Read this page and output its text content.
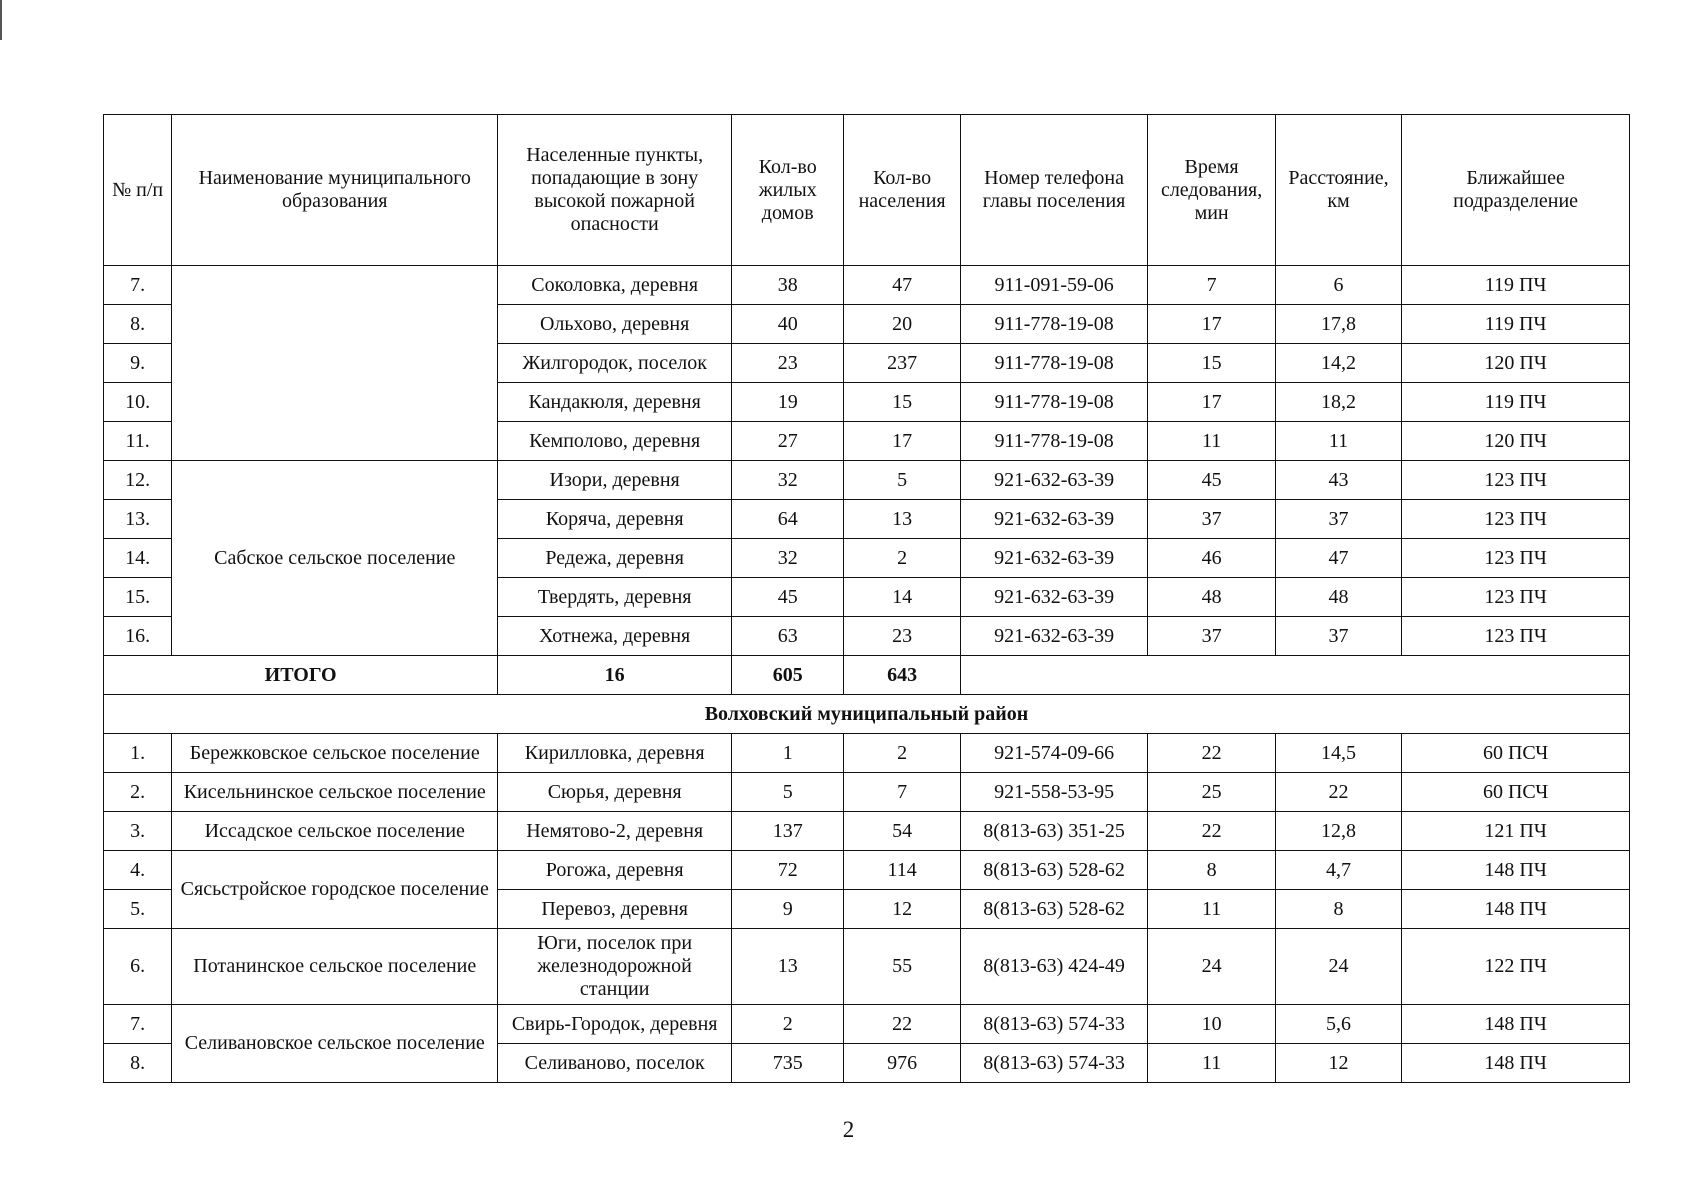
№ п/п	Наименование муниципального образования	Населенные пункты, попадающие в зону высокой пожарной опасности	Кол-во жилых домов	Кол-во населения	Номер телефона главы поселения	Время следования, мин	Расстояние, км	Ближайшее подразделение
7.		Соколовка, деревня	38	47	911-091-59-06	7	6	119 ПЧ
8.		Ольхово, деревня	40	20	911-778-19-08	17	17,8	119 ПЧ
9.		Жилгородок, поселок	23	237	911-778-19-08	15	14,2	120 ПЧ
10.		Кандакюля, деревня	19	15	911-778-19-08	17	18,2	119 ПЧ
11.		Кемполово, деревня	27	17	911-778-19-08	11	11	120 ПЧ
12.	Сабское сельское поселение	Изори, деревня	32	5	921-632-63-39	45	43	123 ПЧ
13.		Коряча, деревня	64	13	921-632-63-39	37	37	123 ПЧ
14.		Редежа, деревня	32	2	921-632-63-39	46	47	123 ПЧ
15.		Твердять, деревня	45	14	921-632-63-39	48	48	123 ПЧ
16.		Хотнежа, деревня	63	23	921-632-63-39	37	37	123 ПЧ
ИТОГО		16	605	643				
Волховский муниципальный район								
1.	Бережковское сельское поселение	Кирилловка, деревня	1	2	921-574-09-66	22	14,5	60 ПСЧ
2.	Кисельнинское сельское поселение	Сюрья, деревня	5	7	921-558-53-95	25	22	60 ПСЧ
3.	Иссадское сельское поселение	Немятово-2, деревня	137	54	8(813-63) 351-25	22	12,8	121 ПЧ
4.	Сясьстройское городское поселение	Рогожа, деревня	72	114	8(813-63) 528-62	8	4,7	148 ПЧ
5.		Перевоз, деревня	9	12	8(813-63) 528-62	11	8	148 ПЧ
6.	Потанинское сельское поселение	Юги, поселок при железнодорожной станции	13	55	8(813-63) 424-49	24	24	122 ПЧ
7.	Селивановское сельское поселение	Свирь-Городок, деревня	2	22	8(813-63) 574-33	10	5,6	148 ПЧ
8.		Селиваново, поселок	735	976	8(813-63) 574-33	11	12	148 ПЧ
2
